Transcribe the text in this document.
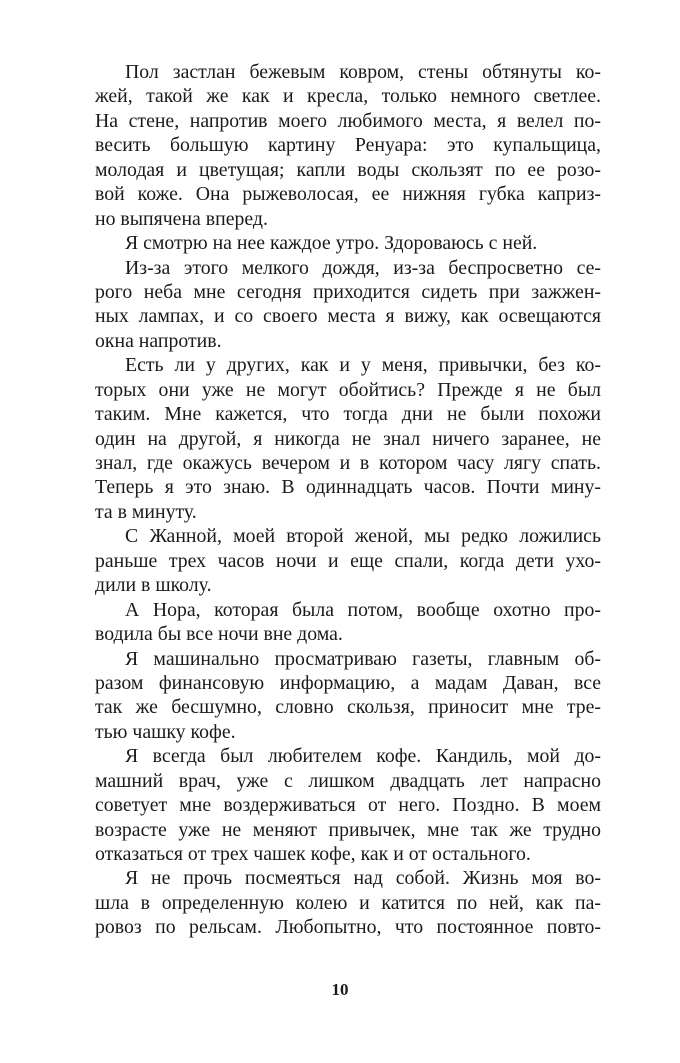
Пол застлан бежевым ковром, стены обтянуты ко-
жей, такой же как и кресла, только немного светлее.
На стене, напротив моего любимого места, я велел по-
весить большую картину Ренуара: это купальщица,
молодая и цветущая; капли воды скользят по ее розо-
вой коже. Она рыжеволосая, ее нижняя губка каприз-
но выпячена вперед.
Я смотрю на нее каждое утро. Здороваюсь с ней.
Из-за этого мелкого дождя, из-за беспросветно се-
рого неба мне сегодня приходится сидеть при зажжен-
ных лампах, и со своего места я вижу, как освещаются
окна напротив.
Есть ли у других, как и у меня, привычки, без ко-
торых они уже не могут обойтись? Прежде я не был
таким. Мне кажется, что тогда дни не были похожи
один на другой, я никогда не знал ничего заранее, не
знал, где окажусь вечером и в котором часу лягу спать.
Теперь я это знаю. В одиннадцать часов. Почти мину-
та в минуту.
С Жанной, моей второй женой, мы редко ложились
раньше трех часов ночи и еще спали, когда дети ухо-
дили в школу.
А Нора, которая была потом, вообще охотно про-
водила бы все ночи вне дома.
Я машинально просматриваю газеты, главным об-
разом финансовую информацию, а мадам Даван, все
так же бесшумно, словно скользя, приносит мне тре-
тью чашку кофе.
Я всегда был любителем кофе. Кандиль, мой до-
машний врач, уже с лишком двадцать лет напрасно
советует мне воздерживаться от него. Поздно. В моем
возрасте уже не меняют привычек, мне так же трудно
отказаться от трех чашек кофе, как и от остального.
Я не прочь посмеяться над собой. Жизнь моя во-
шла в определенную колею и катится по ней, как па-
ровоз по рельсам. Любопытно, что постоянное повто-
10
